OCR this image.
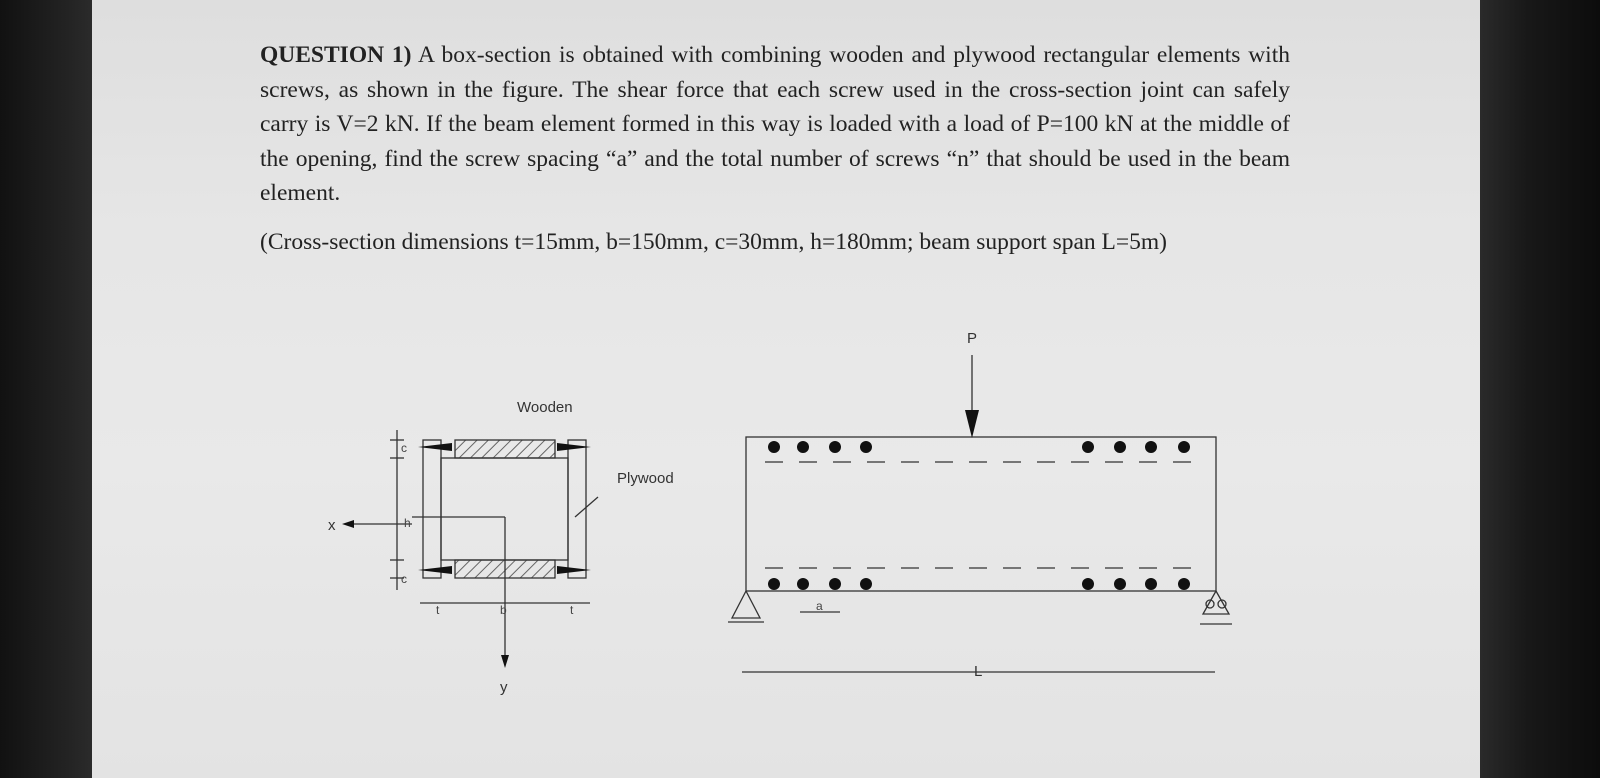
QUESTION 1) A box-section is obtained with combining wooden and plywood rectangular elements with screws, as shown in the figure. The shear force that each screw used in the cross-section joint can safely carry is V=2 kN. If the beam element formed in this way is loaded with a load of P=100 kN at the middle of the opening, find the screw spacing “a” and the total number of screws “n” that should be used in the beam element.

(Cross-section dimensions t=15mm, b=150mm, c=30mm, h=180mm; beam support span L=5m)

Wooden
Plywood
x
y
c
h
c
t	b	t
P
a
L
